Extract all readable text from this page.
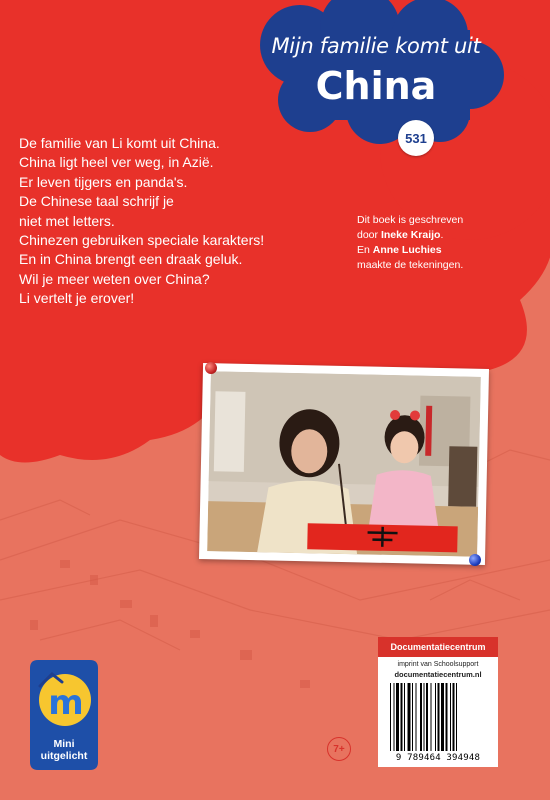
Mijn familie komt uit
China
531
De familie van Li komt uit China.
China ligt heel ver weg, in Azië.
Er leven tijgers en panda's.
De Chinese taal schrijf je
niet met letters.
Chinezen gebruiken speciale karakters!
En in China brengt een draak geluk.
Wil je meer weten over China?
Li vertelt je erover!
Dit boek is geschreven
door Ineke Kraijo.
En Anne Luchies
maakte de tekeningen.
Documentatiecentrum
imprint van Schoolsupport
documentatiecentrum.nl
9 789464 394948
7+
m
Mini
uitgelicht
